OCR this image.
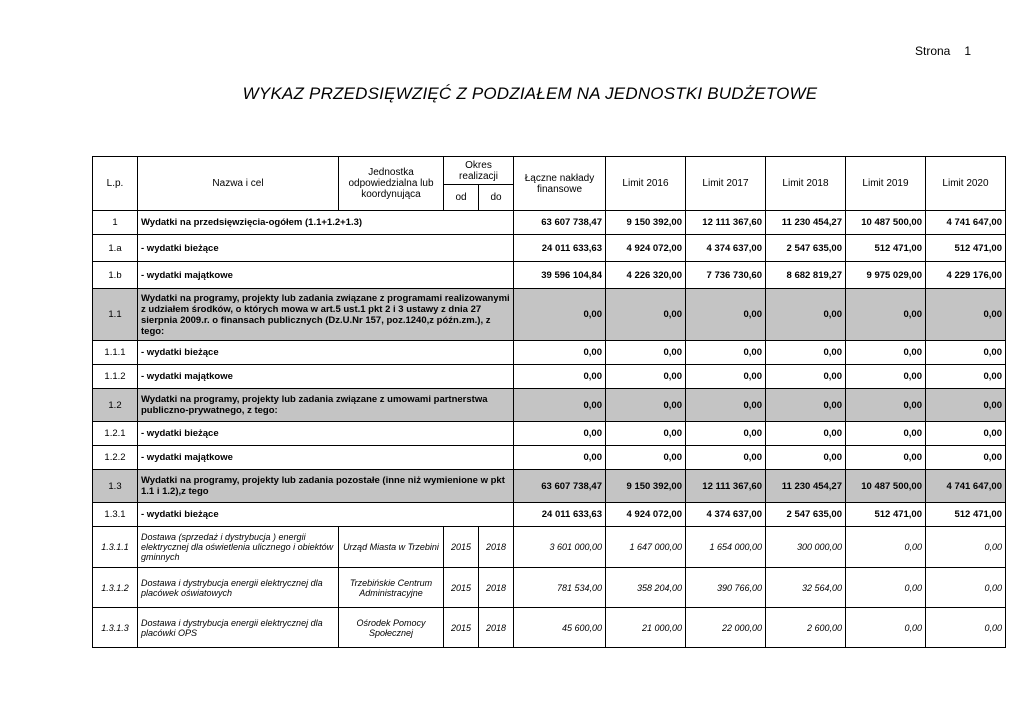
Strona 1
WYKAZ PRZEDSIĘWZIĘĆ Z PODZIAŁEM NA JEDNOSTKI BUDŻETOWE
L.p.	Nazwa i cel	Jednostka odpowiedzialna lub koordynująca	Okres realizacji		Łączne nakłady finansowe	Limit 2016	Limit 2017	Limit 2018	Limit 2019	Limit 2020
			od	do						
1	Wydatki na przedsięwzięcia-ogółem (1.1+1.2+1.3)				63 607 738,47	9 150 392,00	12 111 367,60	11 230 454,27	10 487 500,00	4 741 647,00
1.a	- wydatki bieżące				24 011 633,63	4 924 072,00	4 374 637,00	2 547 635,00	512 471,00	512 471,00
1.b	- wydatki majątkowe				39 596 104,84	4 226 320,00	7 736 730,60	8 682 819,27	9 975 029,00	4 229 176,00
1.1	Wydatki na programy, projekty lub zadania związane z programami realizowanymi z udziałem środków, o których mowa w art.5 ust.1 pkt 2 i 3 ustawy z dnia 27 sierpnia 2009.r. o finansach publicznych (Dz.U.Nr 157, poz.1240,z późn.zm.), z tego:				0,00	0,00	0,00	0,00	0,00	0,00
1.1.1	- wydatki bieżące				0,00	0,00	0,00	0,00	0,00	0,00
1.1.2	- wydatki majątkowe				0,00	0,00	0,00	0,00	0,00	0,00
1.2	Wydatki na programy, projekty lub zadania związane z umowami partnerstwa publiczno-prywatnego, z tego:				0,00	0,00	0,00	0,00	0,00	0,00
1.2.1	- wydatki bieżące				0,00	0,00	0,00	0,00	0,00	0,00
1.2.2	- wydatki majątkowe				0,00	0,00	0,00	0,00	0,00	0,00
1.3	Wydatki na programy, projekty lub zadania pozostałe (inne niż wymienione w pkt 1.1 i 1.2),z tego				63 607 738,47	9 150 392,00	12 111 367,60	11 230 454,27	10 487 500,00	4 741 647,00
1.3.1	- wydatki bieżące				24 011 633,63	4 924 072,00	4 374 637,00	2 547 635,00	512 471,00	512 471,00
1.3.1.1	Dostawa (sprzedaż i dystrybucja ) energii elektrycznej dla oświetlenia ulicznego i obiektów gminnych	Urząd Miasta w Trzebini	2015	2018	3 601 000,00	1 647 000,00	1 654 000,00	300 000,00	0,00	0,00
1.3.1.2	Dostawa i dystrybucja energii elektrycznej dla placówek oświatowych	Trzebińskie Centrum Administracyjne	2015	2018	781 534,00	358 204,00	390 766,00	32 564,00	0,00	0,00
1.3.1.3	Dostawa i dystrybucja energii elektrycznej dla placówki OPS	Ośrodek Pomocy Społecznej	2015	2018	45 600,00	21 000,00	22 000,00	2 600,00	0,00	0,00
